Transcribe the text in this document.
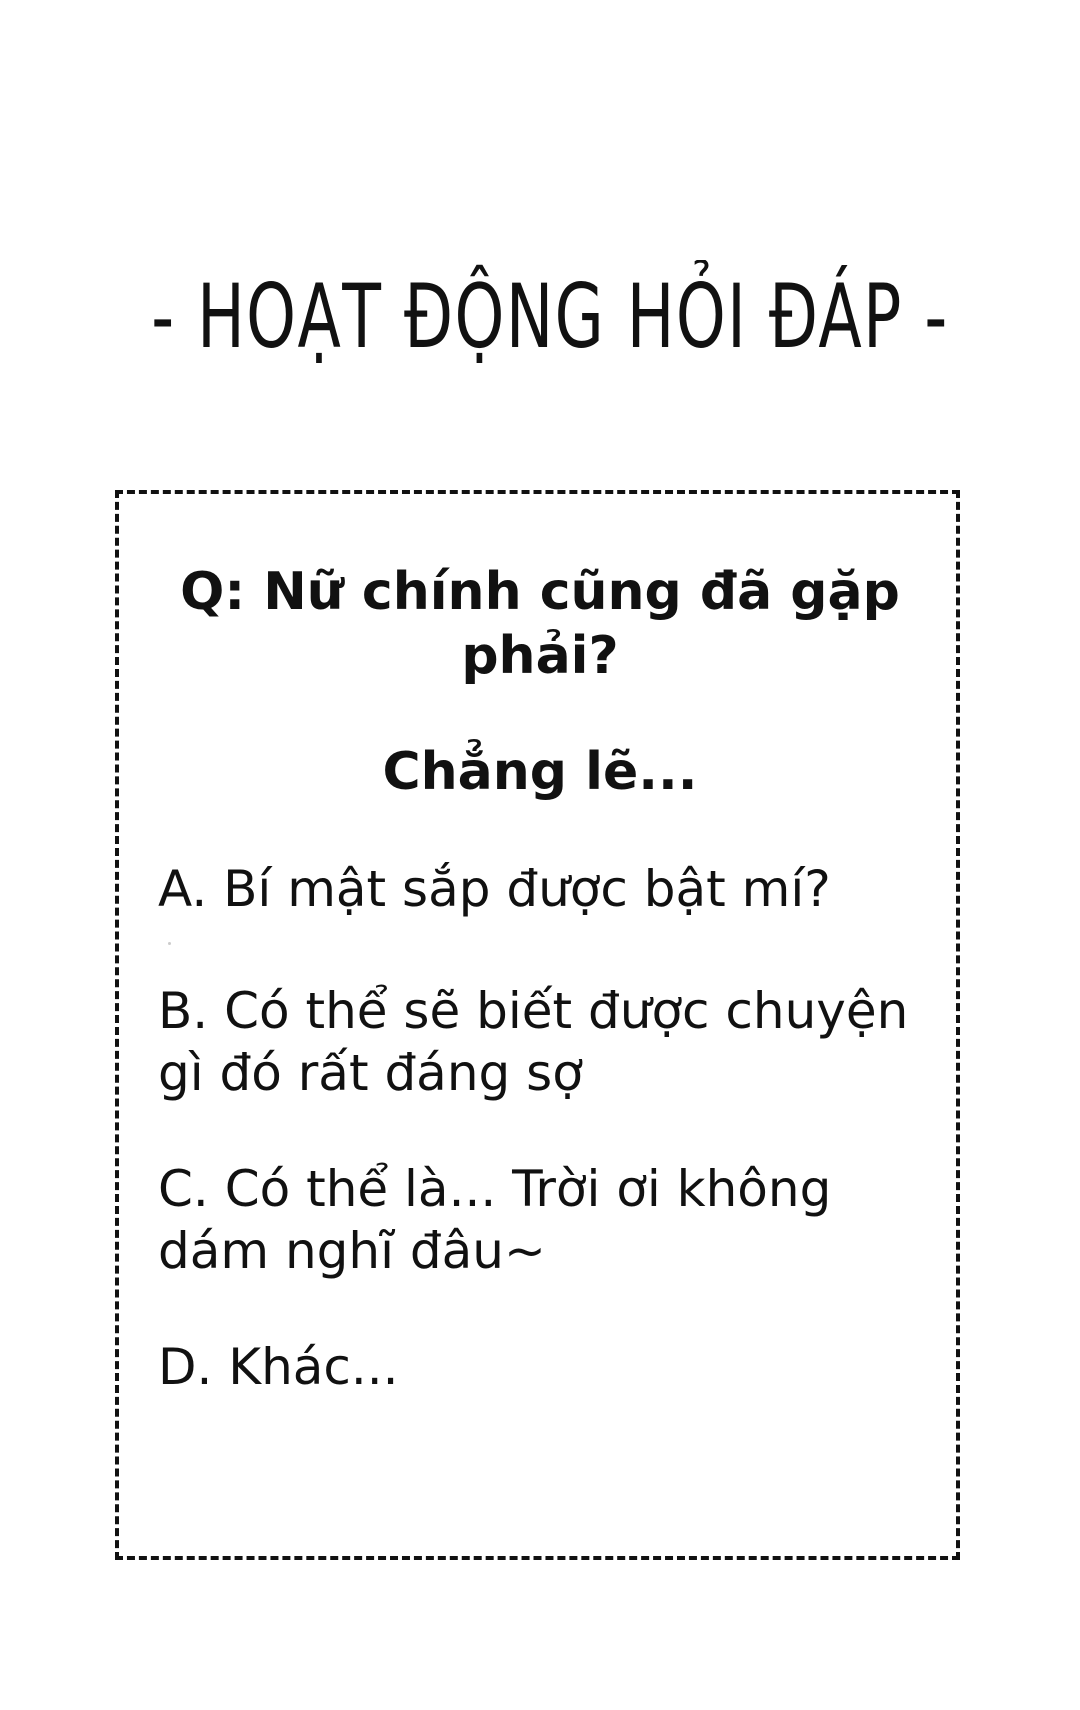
- HOẠT ĐỘNG HỎI ĐÁP -
Q: Nữ chính cũng đã gặp phải?
Chẳng lẽ...
A. Bí mật sắp được bật mí?
B. Có thể sẽ biết được chuyện gì đó rất đáng sợ
C. Có thể là... Trời ơi không dám nghĩ đâu~
D. Khác...
